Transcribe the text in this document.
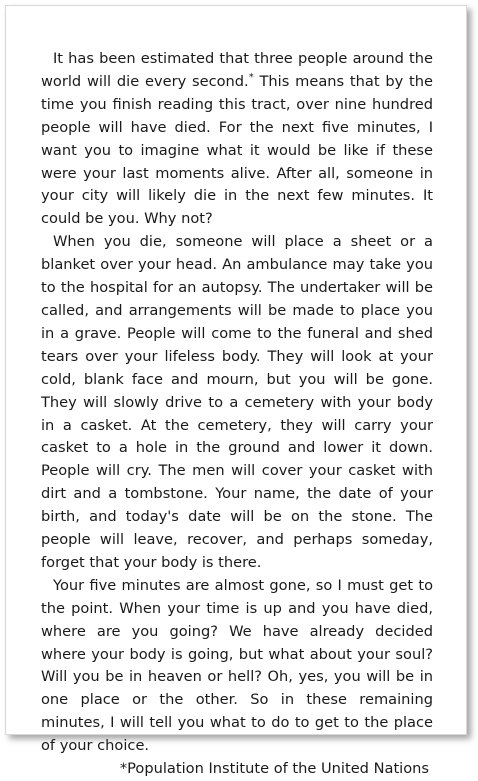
It has been estimated that three people around the world will die every second.* This means that by the time you finish reading this tract, over nine hundred people will have died. For the next five minutes, I want you to imagine what it would be like if these were your last moments alive. After all, someone in your city will likely die in the next few minutes. It could be you. Why not?

When you die, someone will place a sheet or a blanket over your head. An ambulance may take you to the hospital for an autopsy. The undertaker will be called, and arrangements will be made to place you in a grave. People will come to the funeral and shed tears over your lifeless body. They will look at your cold, blank face and mourn, but you will be gone. They will slowly drive to a cemetery with your body in a casket. At the cemetery, they will carry your casket to a hole in the ground and lower it down. People will cry. The men will cover your casket with dirt and a tombstone. Your name, the date of your birth, and today's date will be on the stone. The people will leave, recover, and perhaps someday, forget that your body is there.

Your five minutes are almost gone, so I must get to the point. When your time is up and you have died, where are you going? We have already decided where your body is going, but what about your soul? Will you be in heaven or hell? Oh, yes, you will be in one place or the other. So in these remaining minutes, I will tell you what to do to get to the place of your choice.

*Population Institute of the United Nations
